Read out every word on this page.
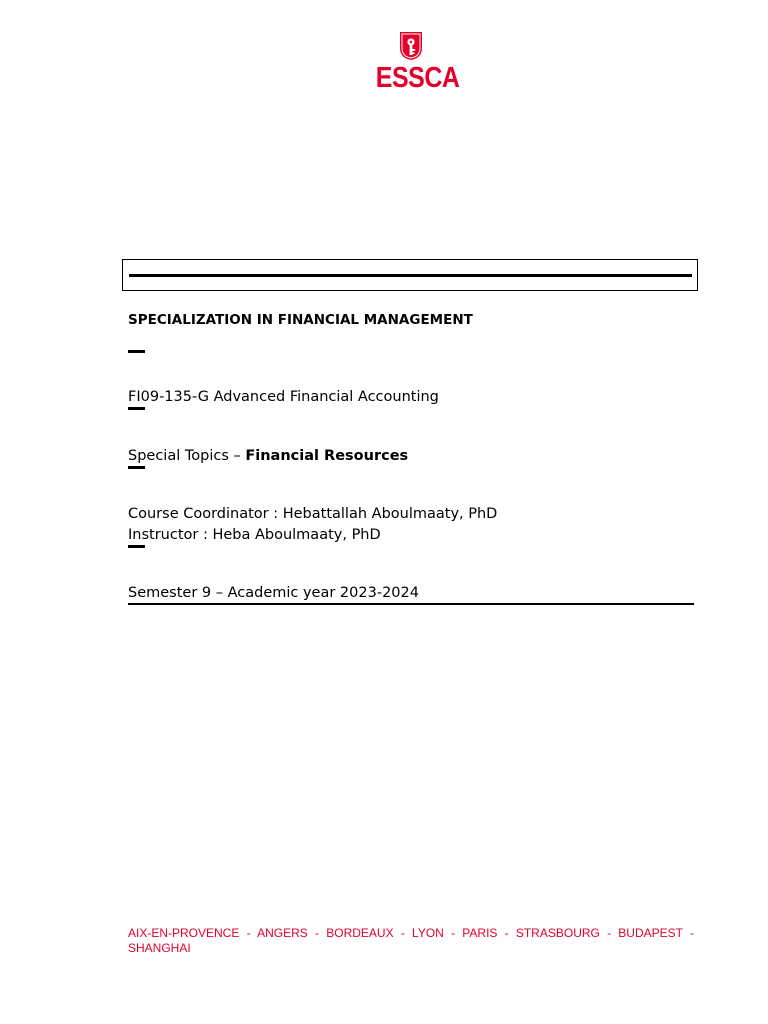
ESSCA

SPECIALIZATION IN FINANCIAL MANAGEMENT

FI09-135-G Advanced Financial Accounting

Special Topics – Financial Resources

Course Coordinator : Hebattallah Aboulmaaty, PhD

Instructor : Heba Aboulmaaty, PhD

Semester 9 – Academic year 2023-2024

AIX-EN-PROVENCE - ANGERS - BORDEAUX - LYON - PARIS - STRASBOURG - BUDAPEST - SHANGHAI
